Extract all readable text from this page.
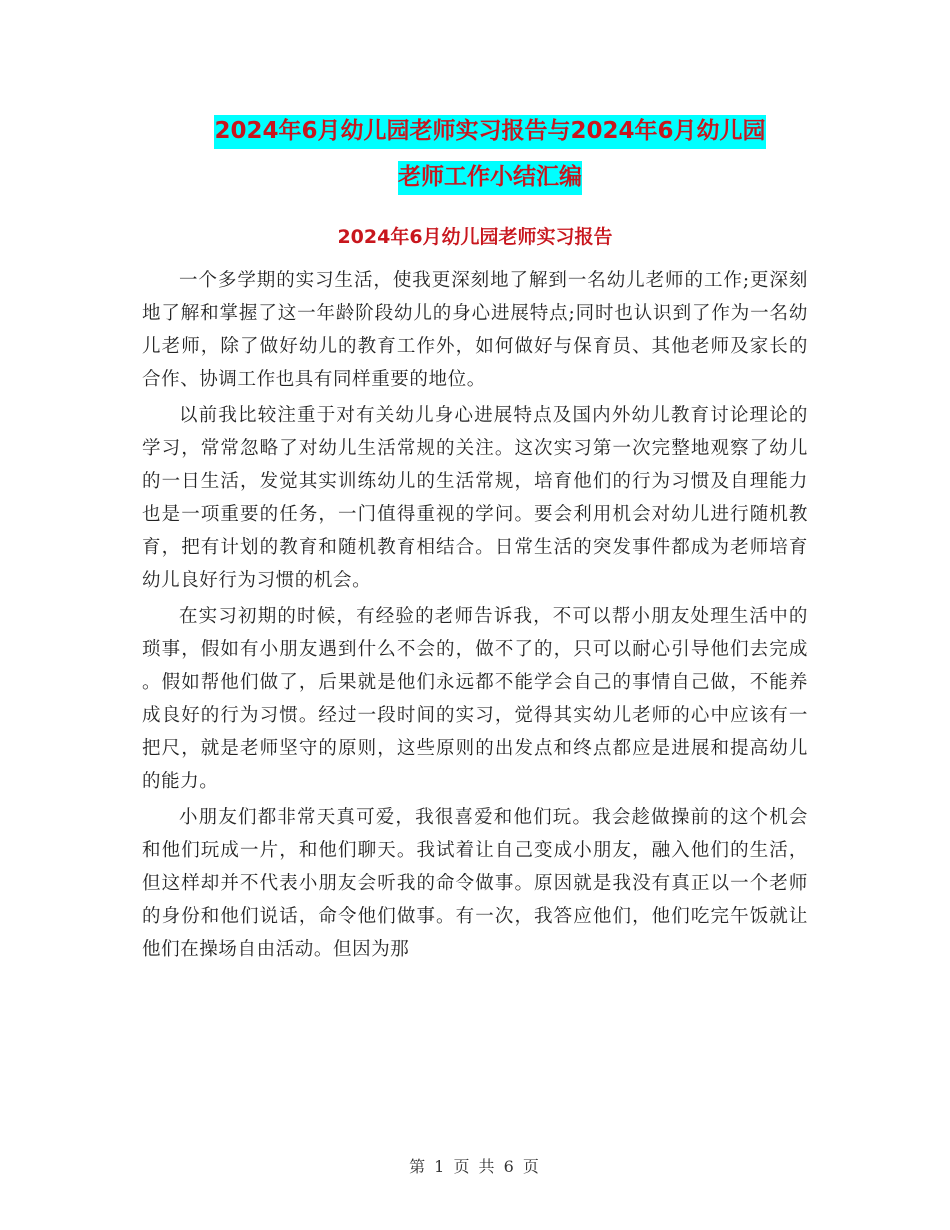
2024年6月幼儿园老师实习报告与2024年6月幼儿园
老师工作小结汇编
2024年6月幼儿园老师实习报告

一个多学期的实习生活，使我更深刻地了解到一名幼儿老师的工作;更深刻地了解和掌握了这一年龄阶段幼儿的身心进展特点;同时也认识到了作为一名幼儿老师，除了做好幼儿的教育工作外，如何做好与保育员、其他老师及家长的合作、协调工作也具有同样重要的地位。

以前我比较注重于对有关幼儿身心进展特点及国内外幼儿教育讨论理论的学习，常常忽略了对幼儿生活常规的关注。这次实习第一次完整地观察了幼儿的一日生活，发觉其实训练幼儿的生活常规，培育他们的行为习惯及自理能力也是一项重要的任务，一门值得重视的学问。要会利用机会对幼儿进行随机教育，把有计划的教育和随机教育相结合。日常生活的突发事件都成为老师培育幼儿良好行为习惯的机会。

在实习初期的时候，有经验的老师告诉我，不可以帮小朋友处理生活中的琐事，假如有小朋友遇到什么不会的，做不了的，只可以耐心引导他们去完成 。假如帮他们做了，后果就是他们永远都不能学会自己的事情自己做，不能养成良好的行为习惯。经过一段时间的实习，觉得其实幼儿老师的心中应该有一把尺，就是老师坚守的原则，这些原则的出发点和终点都应是进展和提高幼儿的能力。

小朋友们都非常天真可爱，我很喜爱和他们玩。我会趁做操前的这个机会和他们玩成一片，和他们聊天。我试着让自己变成小朋友，融入他们的生活，但这样却并不代表小朋友会听我的命令做事。原因就是我没有真正以一个老师的身份和他们说话，命令他们做事。有一次，我答应他们，他们吃完午饭就让他们在操场自由活动。但因为那

第 1 页 共 6 页
